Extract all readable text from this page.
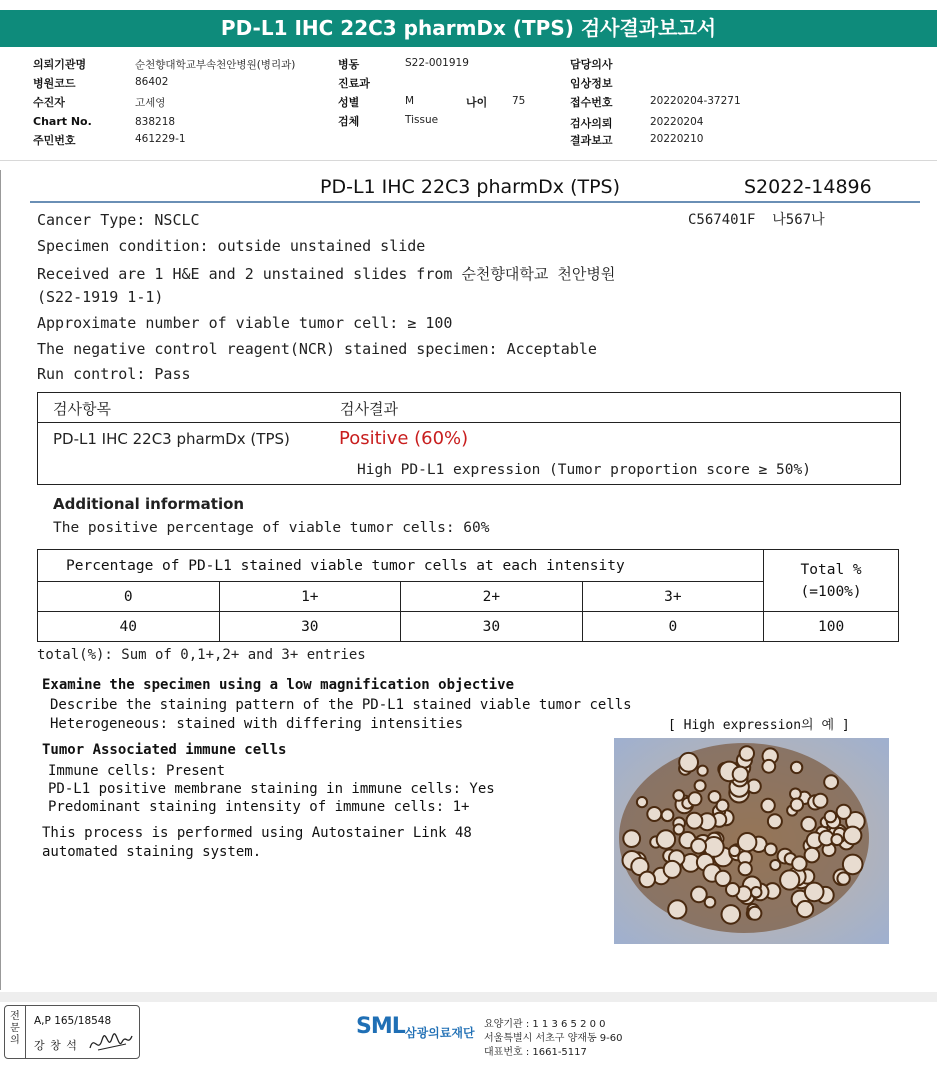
PD-L1 IHC 22C3 pharmDx (TPS) 검사결과보고서
의뢰기관명	순천향대학교부속천안병원(병리과)
병원코드	86402
수진자	고세영
Chart No.	838218
주민번호	461229-1
병동	S22-001919
진료과
성별	M	나이 75
검체	Tissue
담당의사
임상정보
접수번호	20220204-37271
검사의뢰	20220204
결과보고	20220210
PD-L1 IHC 22C3 pharmDx (TPS)	S2022-14896
C567401F  나567나
Cancer Type: NSCLC
Specimen condition: outside unstained slide
Received are 1 H&E and 2 unstained slides from 순천향대학교 천안병원
(S22-1919 1-1)
Approximate number of viable tumor cell: ≥ 100
The negative control reagent(NCR) stained specimen: Acceptable
Run control: Pass
검사항목	검사결과
PD-L1 IHC 22C3 pharmDx (TPS)	Positive (60%)
High PD-L1 expression (Tumor proportion score ≥ 50%)
Additional information
The positive percentage of viable tumor cells: 60%
Percentage of PD-L1 stained viable tumor cells at each intensity				Total %
(=100%)

0	1+	2+	3+	
40	30	30	0	100
total(%): Sum of 0,1+,2+ and 3+ entries
Examine the specimen using a low magnification objective
Describe the staining pattern of the PD-L1 stained viable tumor cells
Heterogeneous: stained with differing intensities	[ High expression의 예 ]
Tumor Associated immune cells
Immune cells: Present
PD-L1 positive membrane staining in immune cells: Yes
Predominant staining intensity of immune cells: 1+
This process is performed using Autostainer Link 48
automated staining system.
전
문
의
A,P 165/18548
강 창 석
SML 삼광의료재단
요양기관 : 1 1 3 6 5 2 0 0
서울특별시 서초구 양재동 9-60
대표번호 : 1661-5117
